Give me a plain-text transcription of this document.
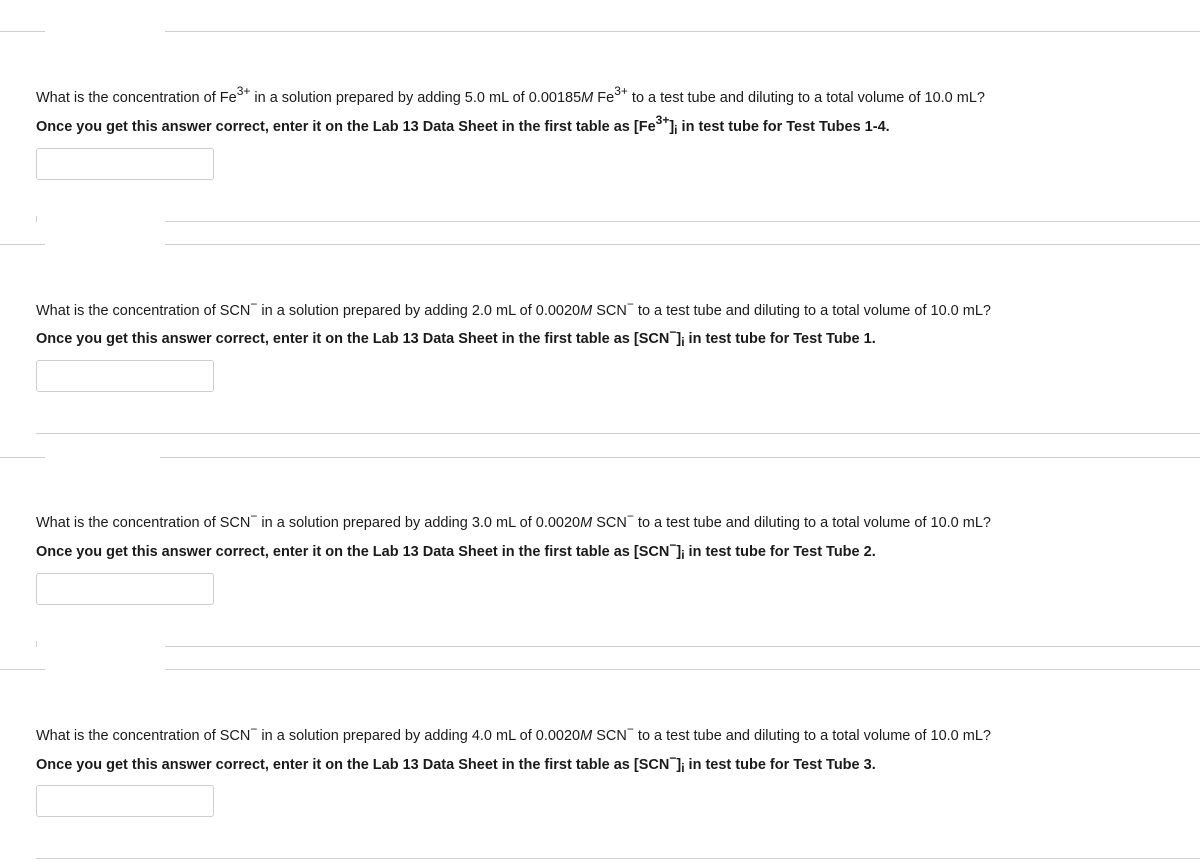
What is the concentration of $Fe^{3+}$ in a solution prepared by adding 5.0 mL of 0.00185M $Fe^{3+}$ to a test tube and diluting to a total volume of 10.0 mL?
Once you get this answer correct, enter it on the Lab 13 Data Sheet in the first table as $[Fe^{3+}]_i$ in test tube for Test Tubes 1-4.
What is the concentration of SCN− in a solution prepared by adding 2.0 mL of 0.0020M SCN− to a test tube and diluting to a total volume of 10.0 mL?
Once you get this answer correct, enter it on the Lab 13 Data Sheet in the first table as $[SCN^-]_i$ in test tube for Test Tube 1.
What is the concentration of SCN− in a solution prepared by adding 3.0 mL of 0.0020M SCN− to a test tube and diluting to a total volume of 10.0 mL?
Once you get this answer correct, enter it on the Lab 13 Data Sheet in the first table as $[SCN^-]_i$ in test tube for Test Tube 2.
What is the concentration of SCN− in a solution prepared by adding 4.0 mL of 0.0020M SCN− to a test tube and diluting to a total volume of 10.0 mL?
Once you get this answer correct, enter it on the Lab 13 Data Sheet in the first table as $[SCN^-]_i$ in test tube for Test Tube 3.
